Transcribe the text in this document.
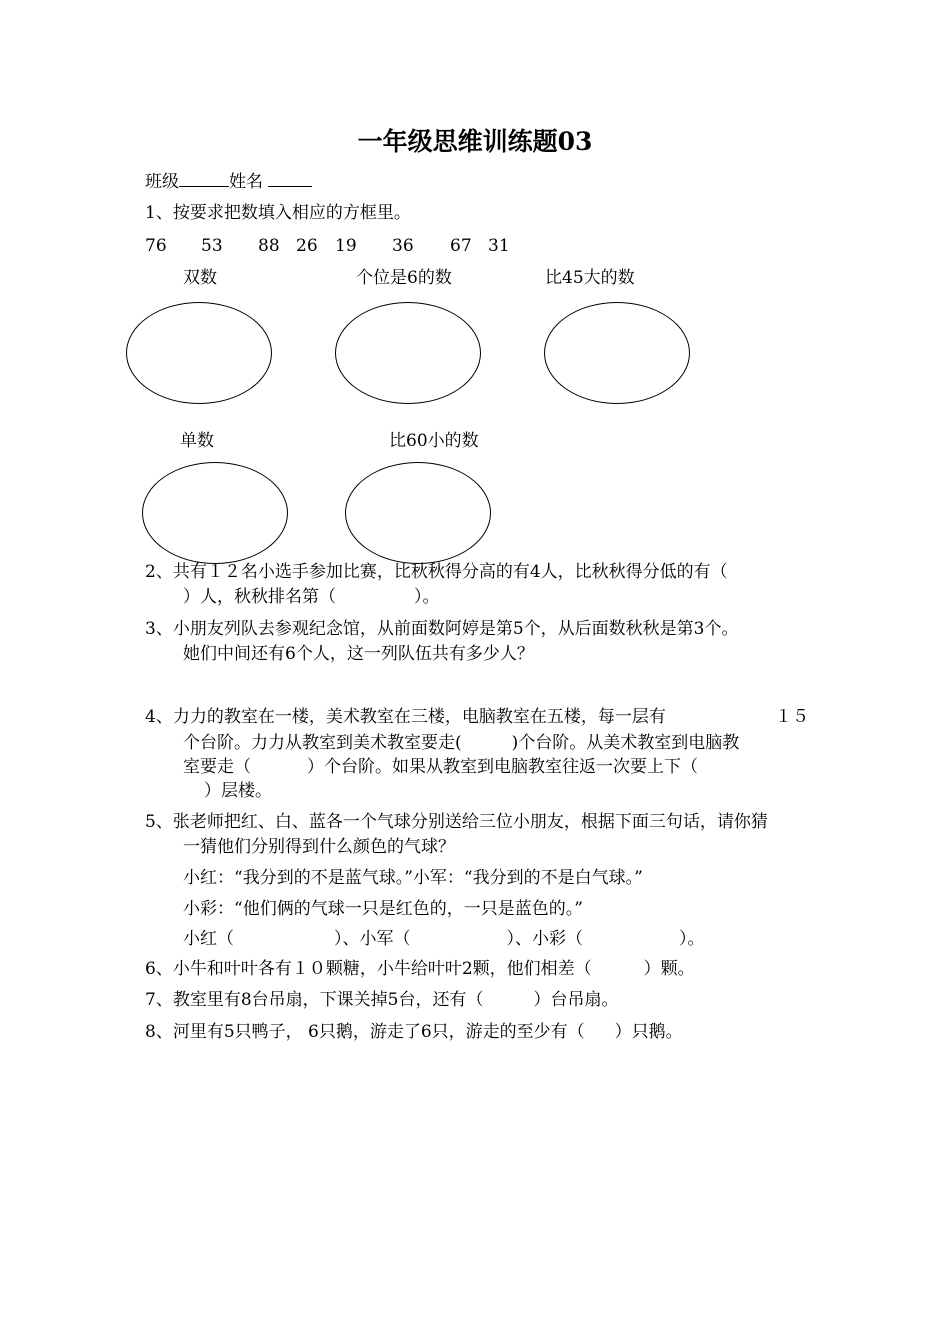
一年级思维训练题03
班级	姓名
1、按要求把数填入相应的方框里。
76 53 88 26 19 36 67 31
双数	个位是6的数	比45大的数
单数	比60小的数
2、共有１２名小选手参加比赛，比秋秋得分高的有4人，比秋秋得分低的有（
）人，秋秋排名第（	）。
3、小朋友列队去参观纪念馆，从前面数阿婷是第5个，从后面数秋秋是第3个。
她们中间还有6个人，这一列队伍共有多少人？
4、力力的教室在一楼，美术教室在三楼，电脑教室在五楼，每一层有	１５
个台阶。力力从教室到美术教室要走(	)个台阶。从美术教室到电脑教
室要走（	）个台阶。如果从教室到电脑教室往返一次要上下（
）层楼。
5、张老师把红、白、蓝各一个气球分别送给三位小朋友，根据下面三句话，请你猜
一猜他们分别得到什么颜色的气球？
小红：“我分到的不是蓝气球。”小军：“我分到的不是白气球。”
小彩：“他们俩的气球一只是红色的，一只是蓝色的。”
小红（	）、小军（	）、小彩（	）。
6、小牛和叶叶各有１０颗糖，小牛给叶叶2颗，他们相差（	）颗。
7、教室里有8台吊扇，下课关掉5台，还有（	）台吊扇。
8、河里有5只鸭子， 6只鹅，游走了6只，游走的至少有（ ）只鹅。
